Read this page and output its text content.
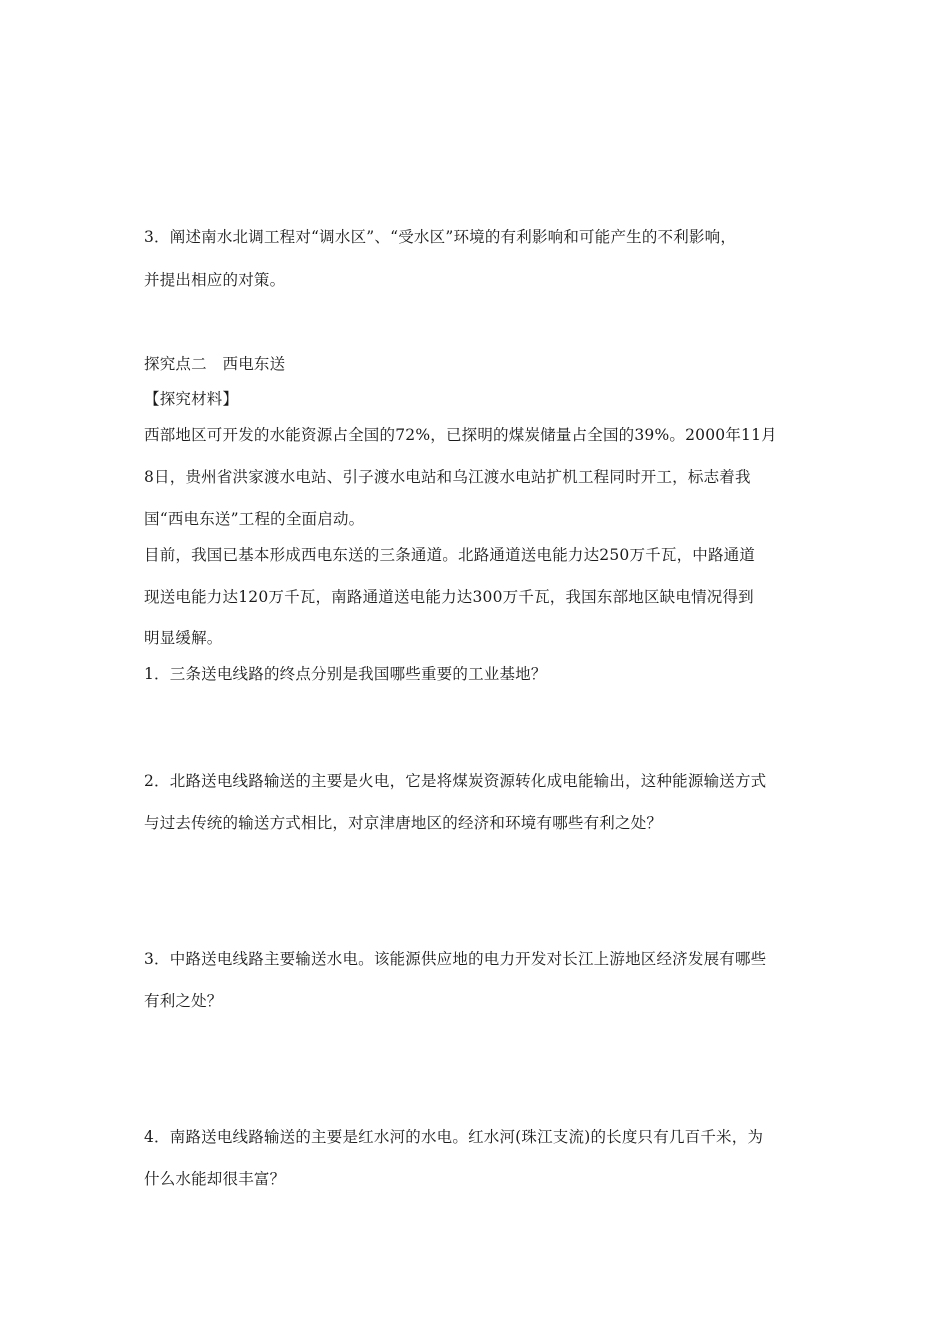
3．阐述南水北调工程对“调水区”、“受水区”环境的有利影响和可能产生的不利影响，
并提出相应的对策。
探究点二　西电东送
【探究材料】
西部地区可开发的水能资源占全国的72%，已探明的煤炭储量占全国的39%。2000年11月
8日，贵州省洪家渡水电站、引子渡水电站和乌江渡水电站扩机工程同时开工，标志着我
国“西电东送”工程的全面启动。
目前，我国已基本形成西电东送的三条通道。北路通道送电能力达250万千瓦，中路通道
现送电能力达120万千瓦，南路通道送电能力达300万千瓦，我国东部地区缺电情况得到
明显缓解。
1．三条送电线路的终点分别是我国哪些重要的工业基地？
2．北路送电线路输送的主要是火电，它是将煤炭资源转化成电能输出，这种能源输送方式
与过去传统的输送方式相比，对京津唐地区的经济和环境有哪些有利之处？
3．中路送电线路主要输送水电。该能源供应地的电力开发对长江上游地区经济发展有哪些
有利之处？
4．南路送电线路输送的主要是红水河的水电。红水河(珠江支流)的长度只有几百千米，为
什么水能却很丰富？
